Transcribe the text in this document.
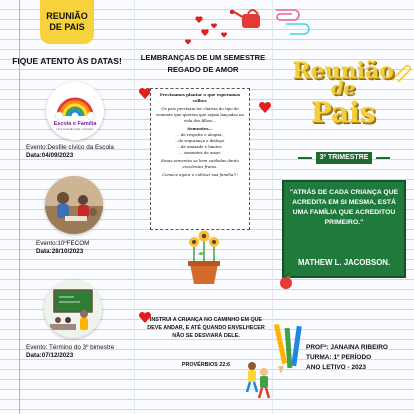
REUNIÃO
DE PAIS
FIQUE ATENTO ÀS DATAS!
Escola e Família
Uma conexão para o sucesso
Evento:Desfile cívico da Escola
Data:04/09/2023
Evento:10ºFECOM
Data:28/10/2023
Evento: Término do 3º bimestre
Data:07/12/2023
LEMBRANÇAS DE UM SEMESTRE
REGADO DE AMOR
Precisamos plantar o que esperamos colher.
Os pais precisam ter clareza do tipo de semente que querem que sejam lançadas na vida dos filhos...
Sementes...
...de respeito e alegria,
...de segurança e diálogo.
...de amizade e limites.
... sementes de amor.
Essas sementes se bem cuidadas darão excelentes frutos.
Comece agora o cultivar sua família!!!
INSTRUI A CRIANÇA NO CAMINHO EM QUE DEVE ANDAR, E ATÉ QUANDO ENVELHECER NÃO SE DESVIARÁ DELE.
PROVÉRBIOS 22:6
Reunião
de
Pais
3º TRIMESTRE
"ATRÁS DE CADA CRIANÇA QUE ACREDITA EM SI MESMA, ESTÁ UMA FAMÍLIA QUE ACREDITOU PRIMEIRO."
MATHEW L. JACOBSON.
PROFª: JANAINA RIBEIRO
TURMA: 1º PERÍODO
ANO LETIVO - 2023
